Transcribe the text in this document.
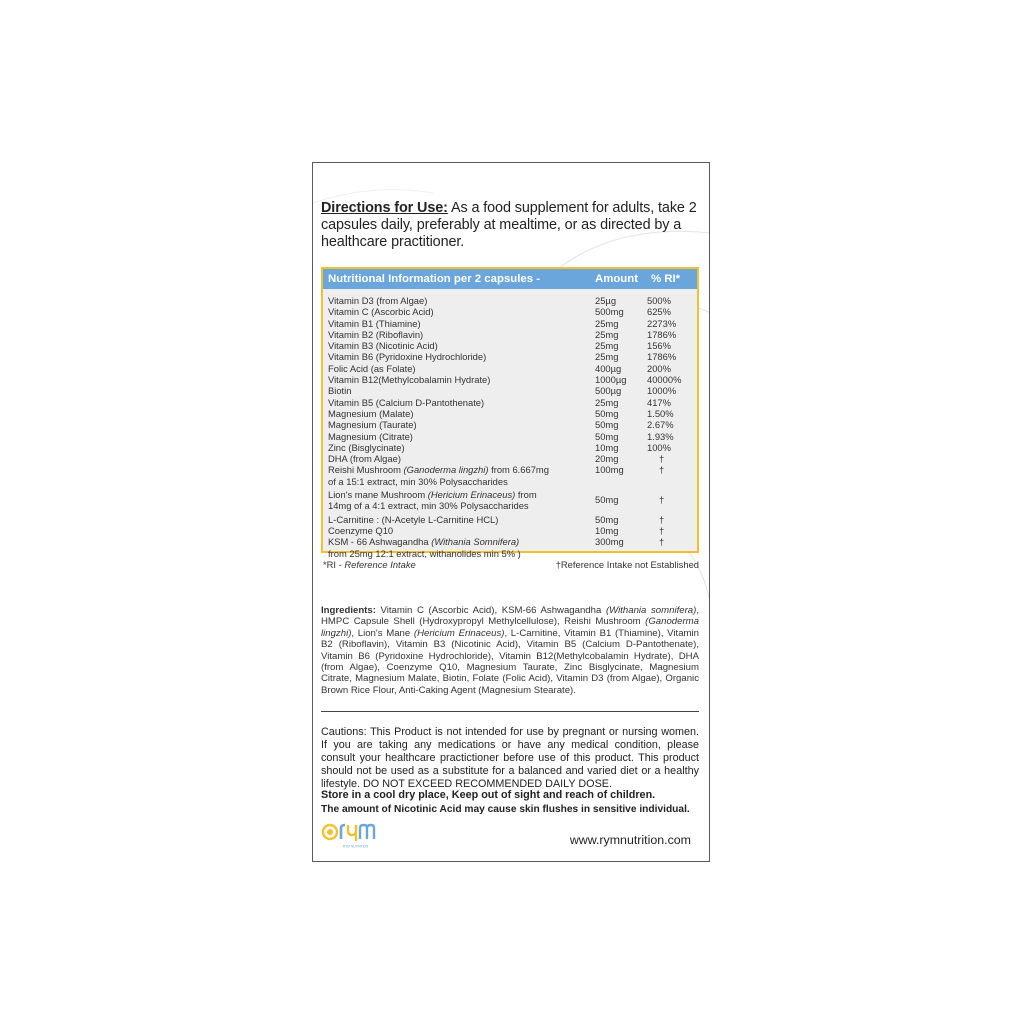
Directions for Use: As a food supplement for adults, take 2 capsules daily, preferably at mealtime, or as directed by a healthcare practitioner.
Nutritional Information per 2 capsules -	Amount % RI*
Vitamin D3 (from Algae)	25µg	500%
Vitamin C (Ascorbic Acid)	500mg 625%
Vitamin B1 (Thiamine)	25mg	2273%
Vitamin B2 (Riboflavin)	25mg	1786%
Vitamin B3 (Nicotinic Acid)	25mg	156%
Vitamin B6 (Pyridoxine Hydrochloride)	25mg	1786%
Folic Acid (as Folate)	400µg	200%
Vitamin B12(Methylcobalamin Hydrate)	1000µg 40000%
Biotin	500µg	1000%
Vitamin B5 (Calcium D-Pantothenate)	25mg	417%
Magnesium (Malate)	50mg	1.50%
Magnesium (Taurate)	50mg	2.67%
Magnesium (Citrate)	50mg	1.93%
Zinc (Bisglycinate)	10mg	100%
DHA (from Algae)	20mg	†
Reishi Mushroom (Ganoderma lingzhi) from 6.667mg
of a 15:1 extract, min 30% Polysaccharides
100mg	†
Lion's mane Mushroom (Hericium Erinaceus) from
14mg of a 4:1 extract, min 30% Polysaccharides
50mg	†
L-Carnitine : (N-Acetyle L-Carnitine HCL)	50mg	†
Coenzyme Q10	10mg	†
KSM - 66 Ashwagandha (Withania Somnifera)
from 25mg 12:1 extract, withanolides min 5% )
300mg	†
*RI - Reference Intake	†Reference Intake not Established
Ingredients: Vitamin C (Ascorbic Acid), KSM-66 Ashwagandha (Withania somnifera), HMPC Capsule Shell (Hydroxypropyl Methylcellulose), Reishi Mushroom (Ganoderma lingzhi), Lion's Mane (Hericium Erinaceus), L-Carnitine, Vitamin B1 (Thiamine), Vitamin B2 (Riboflavin), Vitamin B3 (Nicotinic Acid), Vitamin B5 (Calcium D-Pantothenate), Vitamin B6 (Pyridoxine Hydrochloride), Vitamin B12(Methylcobalamin Hydrate), DHA (from Algae), Coenzyme Q10, Magnesium Taurate, Zinc Bisglycinate, Magnesium Citrate, Magnesium Malate, Biotin, Folate (Folic Acid), Vitamin D3 (from Algae), Organic Brown Rice Flour, Anti-Caking Agent (Magnesium Stearate).
Cautions: This Product is not intended for use by pregnant or nursing women. If you are taking any medications or have any medical condition, please consult your healthcare practictioner before use of this product. This product should not be used as a substitute for a balanced and varied diet or a healthy lifestyle. DO NOT EXCEED RECOMMENDED DAILY DOSE.
Store in a cool dry place, Keep out of sight and reach of children.
The amount of Nicotinic Acid may cause skin flushes in sensitive individual.
RYM NUTRITION	www.rymnutrition.com
